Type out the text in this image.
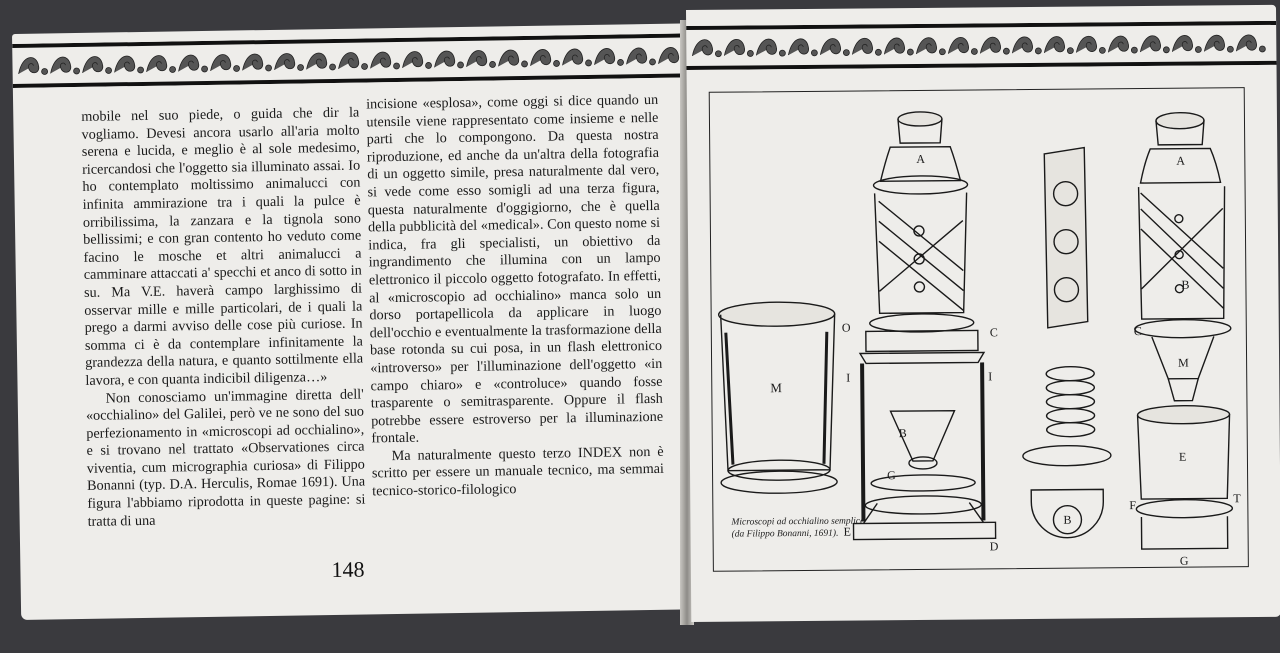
mobile nel suo piede, o guida che dir la vogliamo. Devesi ancora usarlo all'aria molto serena e lucida, e meglio è al sole medesimo, ricercandosi che l'oggetto sia illuminato assai. Io ho contemplato moltissimo animalucci con infinita ammirazione tra i quali la pulce è orribilissima, la zanzara e la tignola sono bellissimi; e con gran contento ho veduto come facino le mosche et altri animalucci a camminare attaccati a' specchi et anco di sotto in su. Ma V.E. haverà campo larghissimo di osservar mille e mille particolari, de i quali la prego a darmi avviso delle cose più curiose. In somma ci è da contemplare infinitamente la grandezza della natura, e quanto sottilmente ella lavora, e con quanta indicibil diligenza…»

Non conosciamo un'immagine diretta dell' «occhialino» del Galilei, però ve ne sono del suo perfezionamento in «microscopi ad occhialino», e si trovano nel trattato «Observationes circa viventia, cum micrographia curiosa» di Filippo Bonanni (typ. D.A. Herculis, Romae 1691). Una figura l'abbiamo riprodotta in queste pagine: si tratta di una

incisione «esplosa», come oggi si dice quando un utensile viene rappresentato come insieme e nelle parti che lo compongono. Da questa nostra riproduzione, ed anche da un'altra della fotografia di un oggetto simile, presa naturalmente dal vero, si vede come esso somigli ad una terza figura, questa naturalmente d'oggigiorno, che è quella della pubblicità del «medical». Con questo nome si indica, fra gli specialisti, un obiettivo da ingrandimento che illumina con un lampo elettronico il piccolo oggetto fotografato. In effetti, al «microscopio ad occhialino» manca solo un dorso portapellicola da applicare in luogo dell'occhio e eventualmente la trasformazione della base rotonda su cui posa, in un flash elettronico «introverso» per l'illuminazione dell'oggetto «in campo chiaro» e «controluce» quando fosse trasparente o semitrasparente. Oppure il flash potrebbe essere estroverso per la illuminazione frontale.

Ma naturalmente questo terzo INDEX non è scritto per essere un manuale tecnico, ma semmai tecnico-storico-filologico

148
A	A
M
M
O	C	C
I	I
B
B
B
G
G
E
E
D
F	T
Microscopi ad occhialino semplice
(da Filippo Bonanni, 1691).
